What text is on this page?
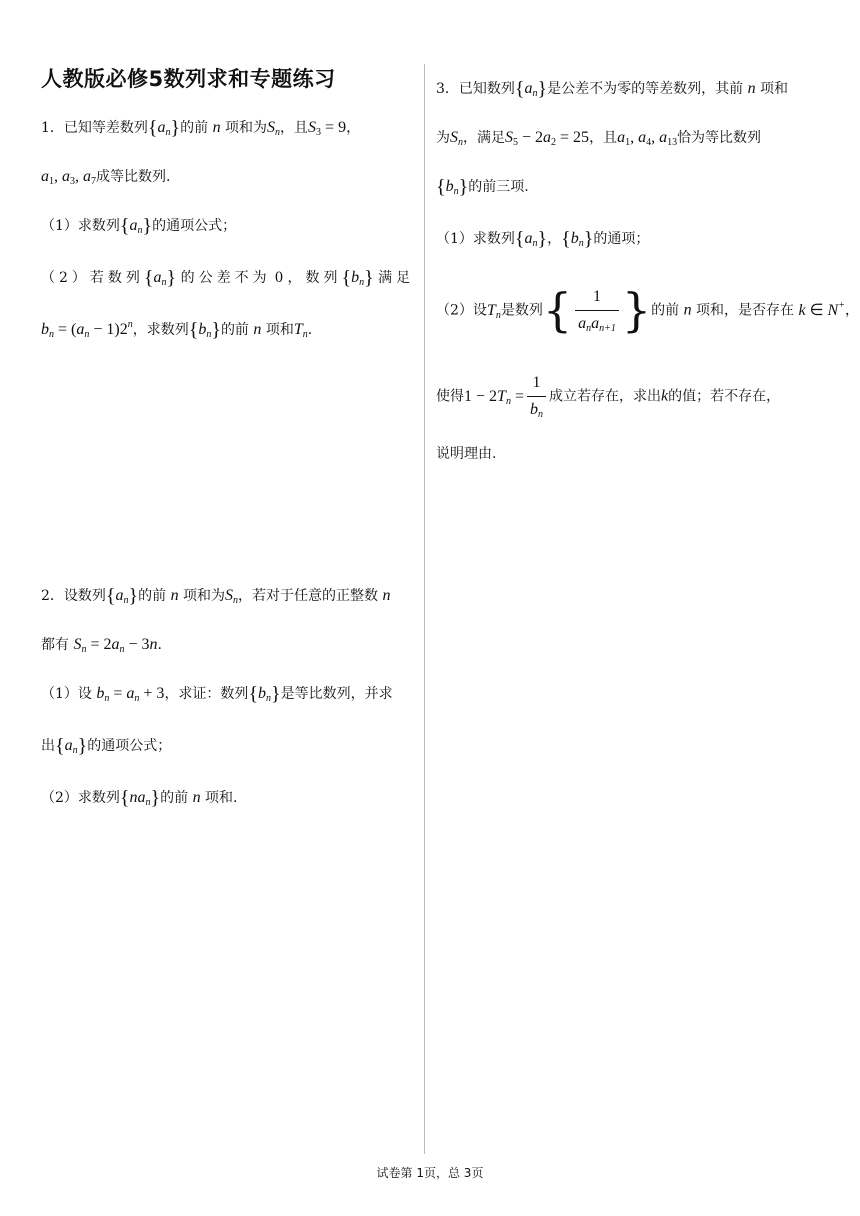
人教版必修5数列求和专题练习

1．已知等差数列$\{a_n\}$的前 n 项和为$S_n$，且$S_3 = 9$，

$a_1$, $a_3$, $a_7$成等比数列.

（1）求数列$\{a_n\}$的通项公式；

（2）若数列$\{a_n\}$ 的公差不为 0 ，数列$\{b_n\}$ 满足

$b_n = (a_n - 1)2^n$，求数列$\{b_n\}$的前 n 项和$T_n$.

2．设数列$\{a_n\}$的前 n 项和为$S_n$，若对于任意的正整数 n

都有 $S_n = 2a_n - 3n$.

（1）设 $b_n = a_n + 3$，求证：数列$\{b_n\}$是等比数列，并求

出$\{a_n\}$的通项公式；

（2）求数列$\{na_n\}$的前 n 项和.

3．已知数列$\{a_n\}$是公差不为零的等差数列，其前 n 项和

为$S_n$，满足$S_5 - 2a_2 = 25$，且$a_1$, $a_4$, $a_{13}$恰为等比数列

$\{b_n\}$的前三项.

（1）求数列$\{a_n\}$，$\{b_n\}$的通项；

（2）设$T_n$是数列{ $\frac{1}{a_na_{n+1}}$ }的前 n 项和，是否存在 k ∈ N+，

使得$1 - 2T_n = \frac{1}{b_n}$ 成立若存在，求出k的值；若不存在，

说明理由.

试卷第 1页，总 3页
